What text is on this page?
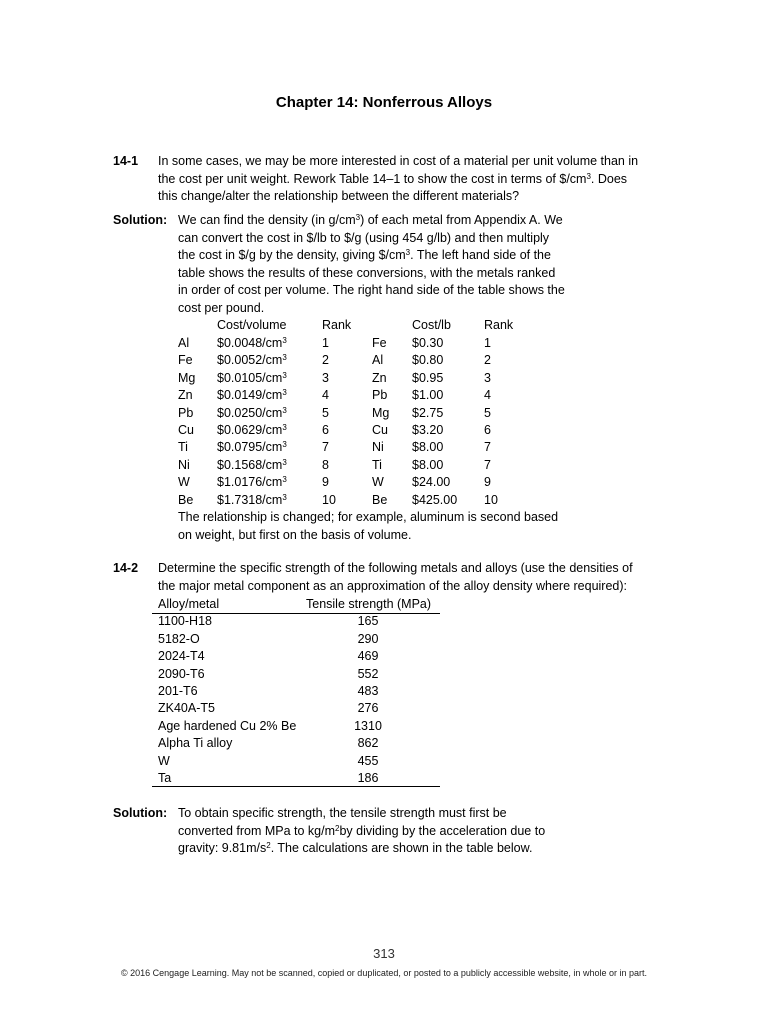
Chapter 14: Nonferrous Alloys
14-1 In some cases, we may be more interested in cost of a material per unit volume than in
the cost per unit weight. Rework Table 14–1 to show the cost in terms of $\$/cm^3$. Does
this change/alter the relationship between the different materials?
Solution: We can find the density (in $g/cm^3$) of each metal from Appendix A. We
can convert the cost in $/lb to $/g (using 454 g/lb) and then multiply
the cost in $/g by the density, giving $\$/cm^3$. The left hand side of the
table shows the results of these conversions, with the metals ranked
in order of cost per volume. The right hand side of the table shows the
cost per pound.
Cost/volume	Rank	Cost/lb	Rank
Al $\$0.0048/cm^3$	1	Fe $0.30	1
Fe $\$0.0052/cm^3$	2	Al $0.80	2
Mg $\$0.0105/cm^3$	3	Zn $0.95	3
Zn $\$0.0149/cm^3$	4	Pb $1.00	4
Pb $\$0.0250/cm^3$	5	Mg $2.75	5
Cu $\$0.0629/cm^3$	6	Cu $3.20	6
Ti $\$0.0795/cm^3$	7	Ni $8.00	7
Ni $\$0.1568/cm^3$	8	Ti $8.00	7
W $\$1.0176/cm^3$	9	W $24.00	9
Be $\$1.7318/cm^3$	10	Be $425.00 10
The relationship is changed; for example, aluminum is second based
on weight, but first on the basis of volume.
14-2 Determine the specific strength of the following metals and alloys (use the densities of
the major metal component as an approximation of the alloy density where required):
Alloy/metal	Tensile strength (MPa)
1100-H18	165
5182-O	290
2024-T4	469
2090-T6	552
201-T6	483
ZK40A-T5	276
Age hardened Cu 2% Be	1310
Alpha Ti alloy	862
W	455
Ta	186
Solution: To obtain specific strength, the tensile strength must first be
converted from MPa to $kg/m^2by$ dividing by the acceleration due to
gravity: $9.81m/s^2$. The calculations are shown in the table below.
313
© 2016 Cengage Learning. May not be scanned, copied or duplicated, or posted to a publicly accessible website, in whole or in part.
